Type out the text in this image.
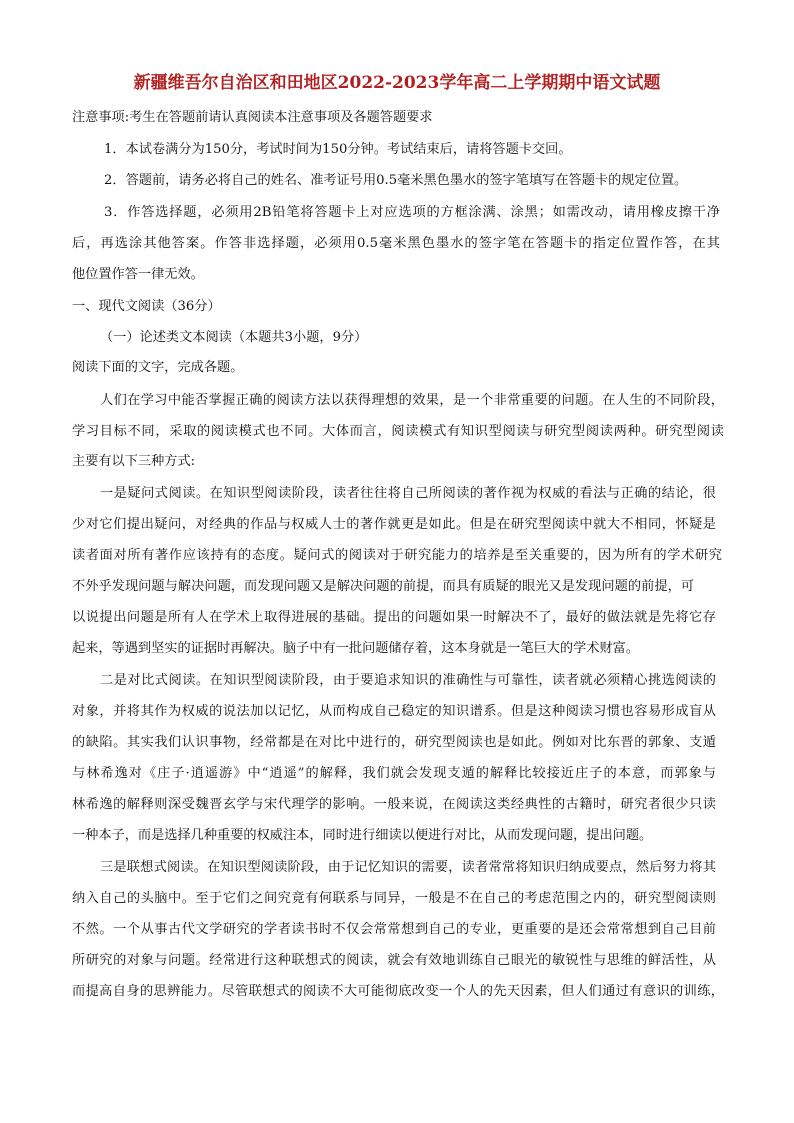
新疆维吾尔自治区和田地区2022-2023学年高二上学期期中语文试题
注意事项:考生在答题前请认真阅读本注意事项及各题答题要求
1．本试卷满分为150分，考试时间为150分钟。考试结束后，请将答题卡交回。
2．答题前，请务必将自己的姓名、准考证号用0.5毫米黑色墨水的签字笔填写在答题卡的规定位置。
3．作答选择题，必须用2B铅笔将答题卡上对应选项的方框涂满、涂黑；如需改动，请用橡皮擦干净
后，再选涂其他答案。作答非选择题，必须用0.5毫米黑色墨水的签字笔在答题卡的指定位置作答，在其
他位置作答一律无效。
一、现代文阅读（36分）
（一）论述类文本阅读（本题共3小题，9分）
阅读下面的文字，完成各题。
人们在学习中能否掌握正确的阅读方法以获得理想的效果，是一个非常重要的问题。在人生的不同阶段，
学习目标不同，采取的阅读模式也不同。大体而言，阅读模式有知识型阅读与研究型阅读两种。研究型阅读
主要有以下三种方式:
一是疑问式阅读。在知识型阅读阶段，读者往往将自己所阅读的著作视为权威的看法与正确的结论，很
少对它们提出疑问，对经典的作品与权威人士的著作就更是如此。但是在研究型阅读中就大不相同，怀疑是
读者面对所有著作应该持有的态度。疑问式的阅读对于研究能力的培养是至关重要的，因为所有的学术研究
不外乎发现问题与解决问题，而发现问题又是解决问题的前提，而具有质疑的眼光又是发现问题的前提，可
以说提出问题是所有人在学术上取得进展的基础。提出的问题如果一时解决不了，最好的做法就是先将它存
起来，等遇到坚实的证据时再解决。脑子中有一批问题储存着，这本身就是一笔巨大的学术财富。
二是对比式阅读。在知识型阅读阶段，由于要追求知识的准确性与可靠性，读者就必须精心挑选阅读的
对象，并将其作为权威的说法加以记忆，从而构成自己稳定的知识谱系。但是这种阅读习惯也容易形成盲从
的缺陷。其实我们认识事物，经常都是在对比中进行的，研究型阅读也是如此。例如对比东晋的郭象、支遁
与林希逸对《庄子·逍遥游》中“逍遥”的解释，我们就会发现支遁的解释比较接近庄子的本意，而郭象与
林希逸的解释则深受魏晋玄学与宋代理学的影响。一般来说，在阅读这类经典性的古籍时，研究者很少只读
一种本子，而是选择几种重要的权威注本，同时进行细读以便进行对比，从而发现问题，提出问题。
三是联想式阅读。在知识型阅读阶段，由于记忆知识的需要，读者常常将知识归纳成要点，然后努力将其
纳入自己的头脑中。至于它们之间究竟有何联系与同异，一般是不在自己的考虑范围之内的，研究型阅读则
不然。一个从事古代文学研究的学者读书时不仅会常常想到自己的专业，更重要的是还会常常想到自己目前
所研究的对象与问题。经常进行这种联想式的阅读，就会有效地训练自己眼光的敏锐性与思维的鲜活性，从
而提高自身的思辨能力。尽管联想式的阅读不大可能彻底改变一个人的先天因素，但人们通过有意识的训练，
